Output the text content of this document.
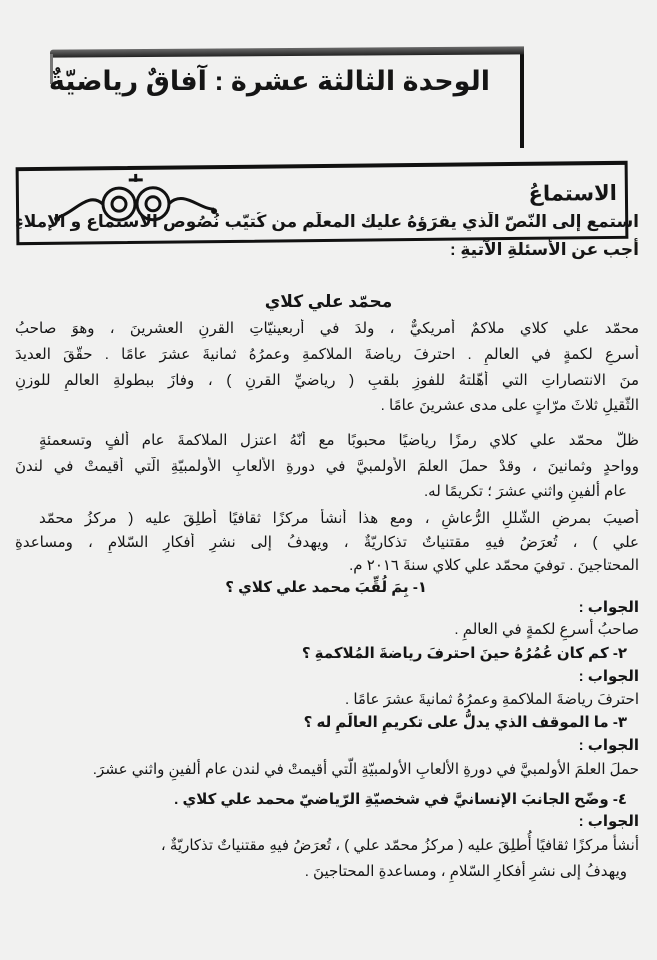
الوحدة الثالثة عشرة : آفاقٌ رياضيّةٌ
الاستماعُ
استمع إلى النّصّ الّذي يقرَؤهُ عليك المعلّم من كُتيّب نُصُوص الاستماع و الإملاءِ
أجب عن الأسئلةِ الآتيةِ :
محمّد علي كلاي
محمّد علي كلاي ملاكمٌ أمريكيٌّ ، ولدَ في أربعينيّاتِ القرنِ العشرينَ ، وهوَ صاحبُ
أسرعِ لكمةٍ في العالمِ . احترفَ رياضةَ الملاكمةِ وعمرُهُ ثمانيةَ عشرَ عامًا . حقّقَ العديدَ
منَ الانتصاراتِ التي أهّلتهُ للفوزِ بلقبِ ( رياضيِّ القرنِ ) ، وفازَ ببطولةِ العالمِ للوزنِ
الثّقيلِ ثلاثَ مرّاتٍ على مدى عشرينَ عامًا .
ظلَّ محمّد علي كلاي رمزًا رياضيًا محبوبًا مع أنّهُ اعتزل الملاكمةَ عام ألفٍ وتسعمئةٍ
وواحدٍ وثمانينَ ، وقدْ حملَ العلمَ الأولمبيَّ في دورةِ الألعابِ الأولمبيّةِ الّتي أقيمتْ في لندنَ
عام ألفينِ واثني عشرَ ؛ تكريمًا له.
أصيبَ بمرضِ الشّللِ الرُّعاشِ ، ومع هذا أنشأَ مركزًا ثقافيًا أُطلِقَ عليه ( مركزُ محمّد
علي ) ، تُعرَضُ فيهِ مقتنياتٌ تذكاريّةٌ ، ويهدفُ إلى نشرِ أفكارِ السّلامِ ، ومساعدةِ
المحتاجينَ . توفيَ محمّد علي كلاي سنةَ ٢٠١٦ م.
١- بِمَ لُقِّبَ محمد علي كلاي ؟
الجواب :
صاحبُ أسرعِ لكمةٍ في العالمِ .
٢- كم كان عُمُرُهُ حينَ احترفَ رياضةَ المُلاكمةِ ؟
الجواب :
احترفَ رياضةَ الملاكمةِ وعمرُهُ ثمانيةَ عشرَ عامًا .
٣- ما الموقف الذي يدلُّ على تكريمِ العالَمِ له ؟
الجواب :
حملَ العلمَ الأولمبيَّ في دورةِ الألعابِ الأولمبيّةِ الّتي أقيمتْ في لندن عام ألفينِ واثني عشرَ.
٤- وضّح الجانبَ الإنسانيَّ في شخصيّةِ الرّياضيّ محمد علي كلاي .
الجواب :
أنشأ مركزًا ثقافيًا أُطلِقَ عليه ( مركزُ محمّد علي ) ، تُعرَضُ فيهِ مقتنياتٌ تذكاريّةٌ ،
ويهدفُ إلى نشرِ أفكارِ السّلامِ ، ومساعدةِ المحتاجينَ .
